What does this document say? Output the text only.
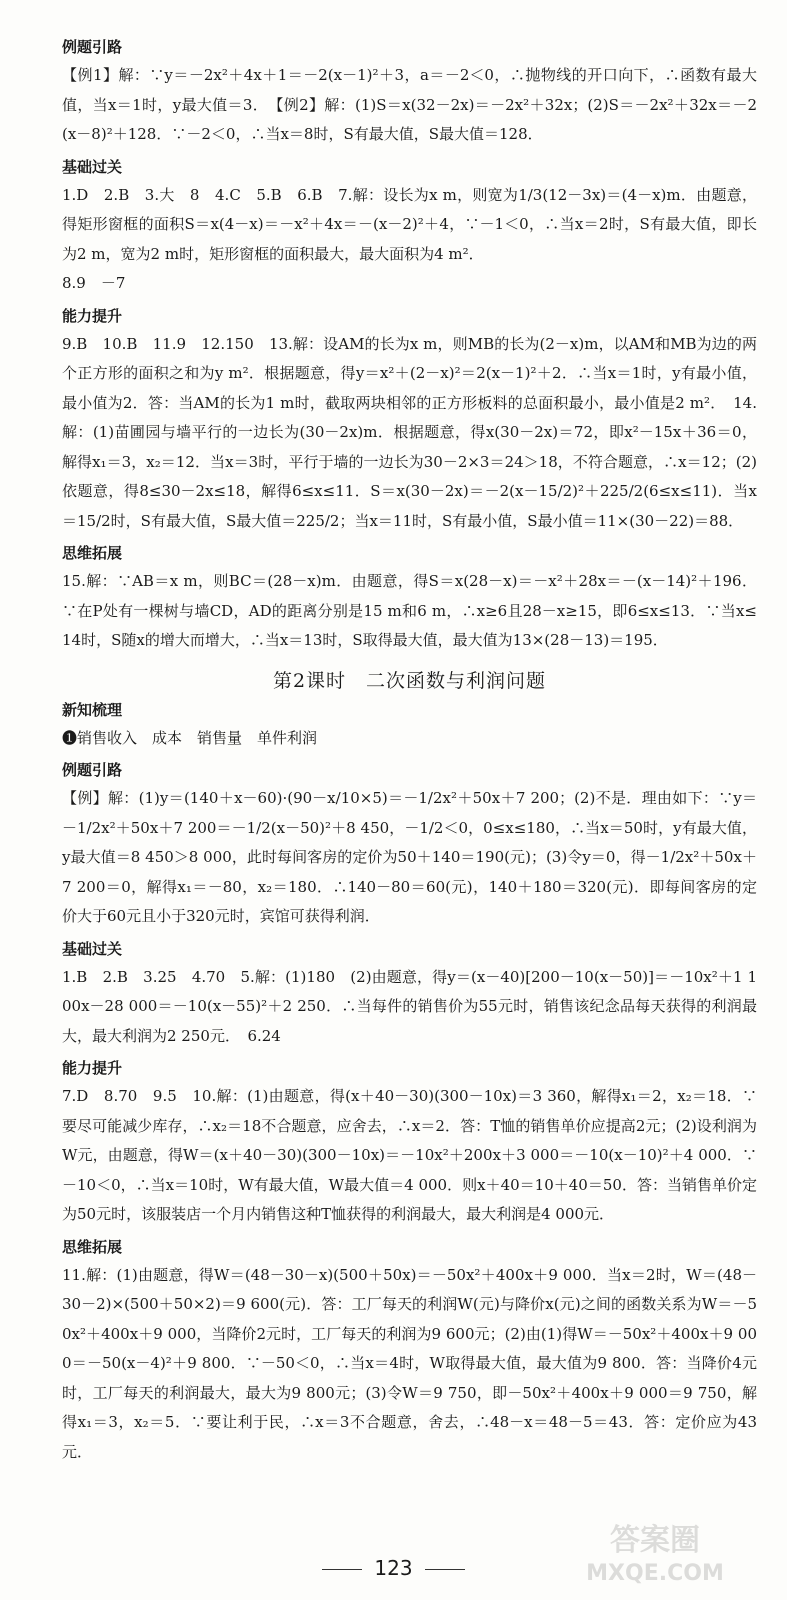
例题引路

【例1】解：∵y＝－2x²＋4x＋1＝－2(x－1)²＋3，a＝－2＜0，∴抛物线的开口向下，∴函数有最大值，当x＝1时，y最大值＝3．　【例2】解：(1)S＝x(32－2x)＝－2x²＋32x；(2)S＝－2x²＋32x＝－2(x－8)²＋128．∵－2＜0，∴当x＝8时，S有最大值，S最大值＝128．

基础过关

1.D　2.B　3.大　8　4.C　5.B　6.B　7.解：设长为x m，则宽为1/3(12－3x)＝(4－x)m．由题意，得矩形窗框的面积S＝x(4－x)＝－x²＋4x＝－(x－2)²＋4，∵－1＜0，∴当x＝2时，S有最大值，即长为2 m，宽为2 m时，矩形窗框的面积最大，最大面积为4 m²．
8.9　－7

能力提升

9.B　10.B　11.9　12.150　13.解：设AM的长为x m，则MB的长为(2－x)m，以AM和MB为边的两个正方形的面积之和为y m²．根据题意，得y＝x²＋(2－x)²＝2(x－1)²＋2．∴当x＝1时，y有最小值，最小值为2．答：当AM的长为1 m时，截取两块相邻的正方形板料的总面积最小，最小值是2 m²．　14.解：(1)苗圃园与墙平行的一边长为(30－2x)m．根据题意，得x(30－2x)＝72，即x²－15x＋36＝0，解得x₁＝3，x₂＝12．当x＝3时，平行于墙的一边长为30－2×3＝24＞18，不符合题意，∴x＝12；(2)依题意，得8≤30－2x≤18，解得6≤x≤11．S＝x(30－2x)＝－2(x－15/2)²＋225/2(6≤x≤11)．当x＝15/2时，S有最大值，S最大值＝225/2；当x＝11时，S有最小值，S最小值＝11×(30－22)＝88．

思维拓展

15.解：∵AB＝x m，则BC＝(28－x)m．由题意，得S＝x(28－x)＝－x²＋28x＝－(x－14)²＋196．∵在P处有一棵树与墙CD，AD的距离分别是15 m和6 m，∴x≥6且28－x≥15，即6≤x≤13．∵当x≤14时，S随x的增大而增大，∴当x＝13时，S取得最大值，最大值为13×(28－13)＝195．

第2课时　二次函数与利润问题
新知梳理

❶销售收入　成本　销售量　单件利润

例题引路

【例】解：(1)y＝(140＋x－60)·(90－x/10×5)＝－1/2x²＋50x＋7 200；(2)不是．理由如下：∵y＝－1/2x²＋50x＋7 200＝－1/2(x－50)²＋8 450，－1/2＜0，0≤x≤180，∴当x＝50时，y有最大值，y最大值＝8 450＞8 000，此时每间客房的定价为50＋140＝190(元)；(3)令y＝0，得－1/2x²＋50x＋7 200＝0，解得x₁＝－80，x₂＝180．∴140－80＝60(元)，140＋180＝320(元)．即每间客房的定价大于60元且小于320元时，宾馆可获得利润．

基础过关

1.B　2.B　3.25　4.70　5.解：(1)180　(2)由题意，得y＝(x－40)[200－10(x－50)]＝－10x²＋1 100x－28 000＝－10(x－55)²＋2 250．∴当每件的销售价为55元时，销售该纪念品每天获得的利润最大，最大利润为2 250元．　6.24

能力提升

7.D　8.70　9.5　10.解：(1)由题意，得(x＋40－30)(300－10x)＝3 360，解得x₁＝2，x₂＝18．∵要尽可能减少库存，∴x₂＝18不合题意，应舍去，∴x＝2．答：T恤的销售单价应提高2元；(2)设利润为W元，由题意，得W＝(x＋40－30)(300－10x)＝－10x²＋200x＋3 000＝－10(x－10)²＋4 000．∵－10＜0，∴当x＝10时，W有最大值，W最大值＝4 000．则x＋40＝10＋40＝50．答：当销售单价定为50元时，该服装店一个月内销售这种T恤获得的利润最大，最大利润是4 000元．

思维拓展

11.解：(1)由题意，得W＝(48－30－x)(500＋50x)＝－50x²＋400x＋9 000．当x＝2时，W＝(48－30－2)×(500＋50×2)＝9 600(元)．答：工厂每天的利润W(元)与降价x(元)之间的函数关系为W＝－50x²＋400x＋9 000，当降价2元时，工厂每天的利润为9 600元；(2)由(1)得W＝－50x²＋400x＋9 000＝－50(x－4)²＋9 800．∵－50＜0，∴当x＝4时，W取得最大值，最大值为9 800．答：当降价4元时，工厂每天的利润最大，最大为9 800元；(3)令W＝9 750，即－50x²＋400x＋9 000＝9 750，解得x₁＝3，x₂＝5．∵要让利于民，∴x＝3不合题意，舍去，∴48－x＝48－5＝43．答：定价应为43元．

123
答案圈
MXQE.COM
